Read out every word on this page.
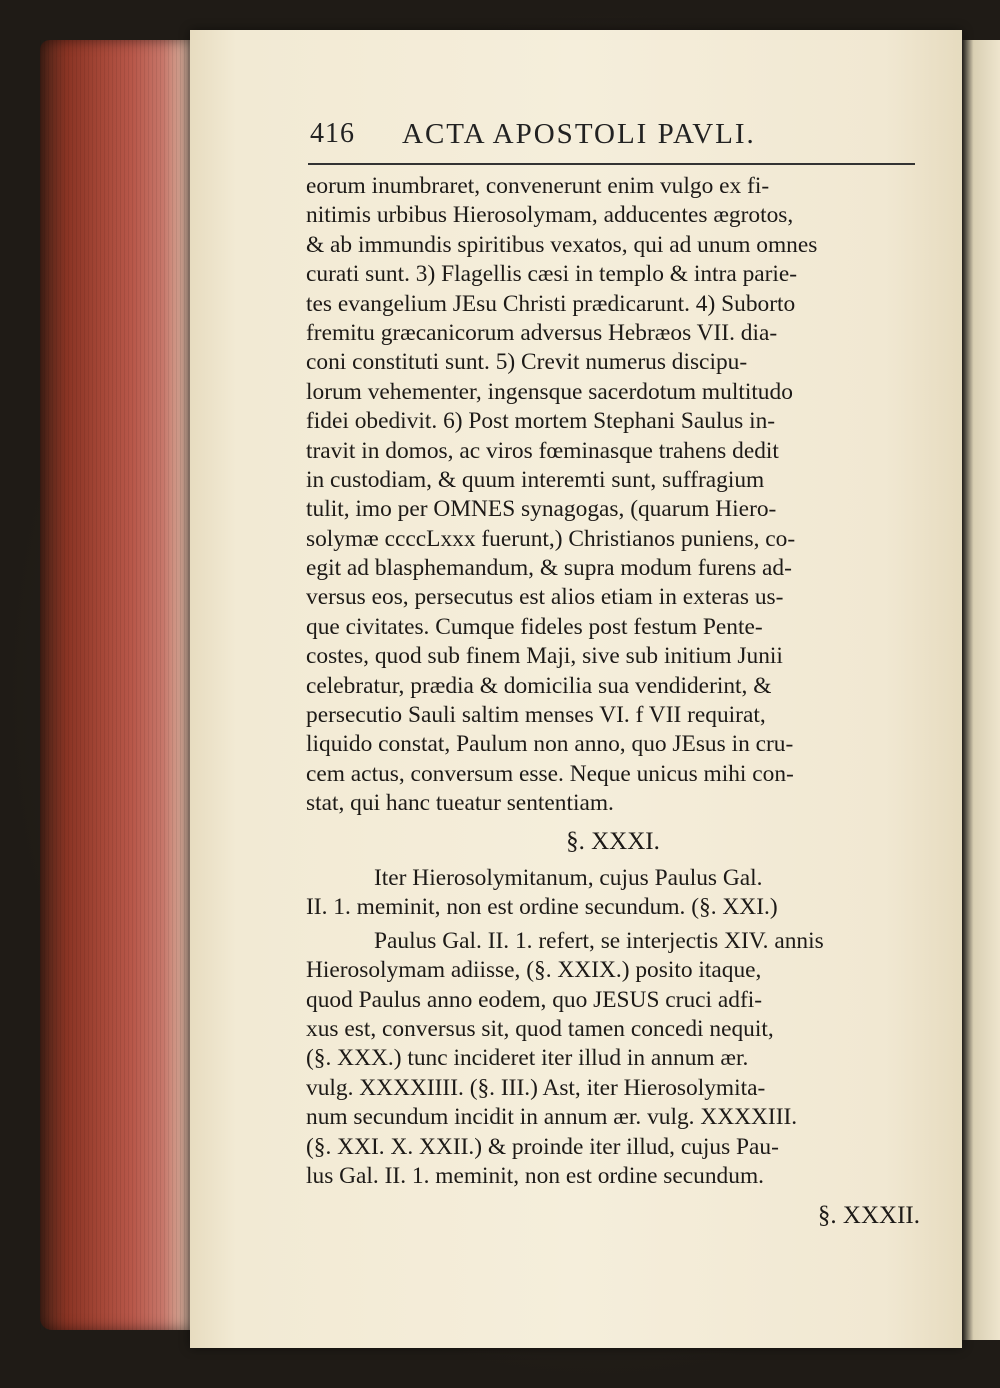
416 ACTA APOSTOLI PAVLI.
eorum inumbraret, convenerunt enim vulgo ex fi-
nitimis urbibus Hierosolymam, adducentes ægrotos,
& ab immundis spiritibus vexatos, qui ad unum omnes
curati sunt. 3) Flagellis cæsi in templo & intra parie-
tes evangelium JEsu Christi prædicarunt. 4) Suborto
fremitu græcanicorum adversus Hebræos VII. dia-
coni constituti sunt. 5) Crevit numerus discipu-
lorum vehementer, ingensque sacerdotum multitudo
fidei obedivit. 6) Post mortem Stephani Saulus in-
travit in domos, ac viros fœminasque trahens dedit
in custodiam, & quum interemti sunt, suffragium
tulit, imo per OMNES synagogas, (quarum Hiero-
solymæ ccccLxxx fuerunt,) Christianos puniens, co-
egit ad blasphemandum, & supra modum furens ad-
versus eos, persecutus est alios etiam in exteras us-
que civitates. Cumque fideles post festum Pente-
costes, quod sub finem Maji, sive sub initium Junii
celebratur, prædia & domicilia sua vendiderint, &
persecutio Sauli saltim menses VI. f VII requirat,
liquido constat, Paulum non anno, quo JEsus in cru-
cem actus, conversum esse. Neque unicus mihi con-
stat, qui hanc tueatur sententiam.
§. XXXI.
Iter Hierosolymitanum, cujus Paulus Gal.
II. 1. meminit, non est ordine secundum. (§. XXI.)
Paulus Gal. II. 1. refert, se interjectis XIV. annis
Hierosolymam adiisse, (§. XXIX.) posito itaque,
quod Paulus anno eodem, quo JESUS cruci adfi-
xus est, conversus sit, quod tamen concedi nequit,
(§. XXX.) tunc incideret iter illud in annum ær.
vulg. XXXXIIII. (§. III.) Ast, iter Hierosolymita-
num secundum incidit in annum ær. vulg. XXXXIII.
(§. XXI. X. XXII.) & proinde iter illud, cujus Pau-
lus Gal. II. 1. meminit, non est ordine secundum.
§. XXXII.
